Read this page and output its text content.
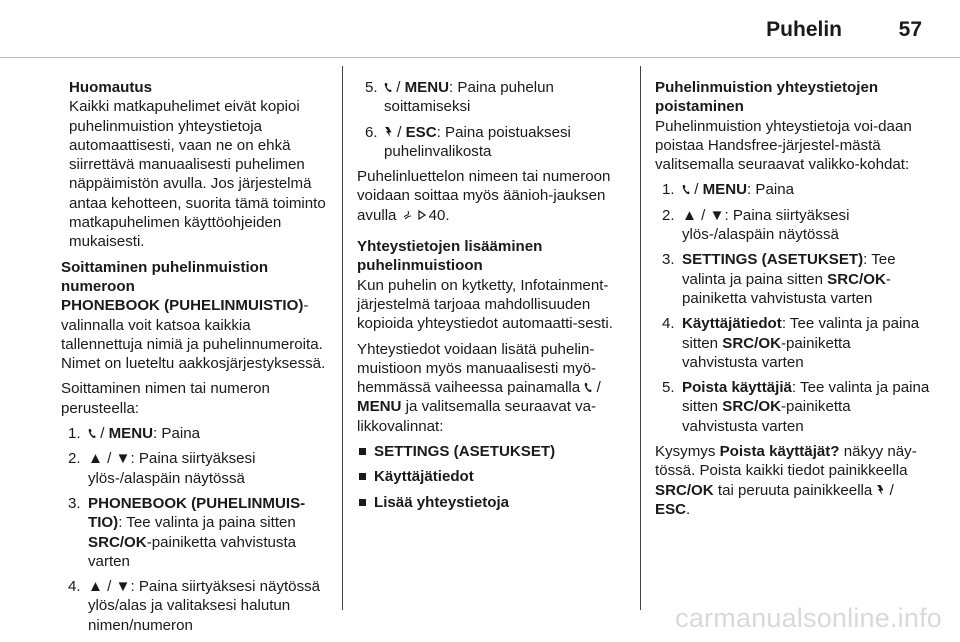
Puhelin	57
Huomautus
Kaikki matkapuhelimet eivät kopioi puhelinmuistion yhteystietoja automaattisesti, vaan ne on ehkä siirrettävä manuaalisesti puhelimen näppäimistön avulla. Jos järjestelmä antaa kehotteen, suorita tämä toiminto matkapuhelimen käyttöohjeiden mukaisesti.
Soittaminen puhelinmuistion numeroon

PHONEBOOK (PUHELINMUISTIO)-valinnalla voit katsoa kaikkia tallennettuja nimiä ja puhelinnumeroita. Nimet on lueteltu aakkosjärjestyksessä.

Soittaminen nimen tai numeron perusteella:

1. / MENU: Paina
2. ▲ / ▼: Paina siirtyäksesi ylös-/alaspäin näytössä
3. PHONEBOOK (PUHELINMUIS-TIO): Tee valinta ja paina sitten SRC/OK-painiketta vahvistusta varten
4. ▲ / ▼: Paina siirtyäksesi näytössä ylös/alas ja valitaksesi halutun nimen/numeron
5. / MENU: Paina puhelun soittamiseksi
6. / ESC: Paina poistuaksesi puhelinvalikosta

Puhelinluettelon nimeen tai numeroon voidaan soittaa myös äänioh-jauksen avulla 40.

Yhteystietojen lisääminen puhelinmuistioon

Kun puhelin on kytketty, Infotainment-järjestelmä tarjoaa mahdollisuuden kopioida yhteystiedot automaatti-sesti.

Yhteystiedot voidaan lisätä puhelin-muistioon myös manuaalisesti myö-hemmässä vaiheessa painamalla  / MENU ja valitsemalla seuraavat va-likkovalinnat:

SETTINGS (ASETUKSET)
Käyttäjätiedot
Lisää yhteystietoja
Puhelinmuistion yhteystietojen poistaminen

Puhelinmuistion yhteystietoja voi-daan poistaa Handsfree-järjestel-mästä valitsemalla seuraavat valikko-kohdat:

1. / MENU: Paina
2. ▲ / ▼: Paina siirtyäksesi ylös-/alaspäin näytössä
3. SETTINGS (ASETUKSET): Tee valinta ja paina sitten SRC/OK-painiketta vahvistusta varten
4. Käyttäjätiedot: Tee valinta ja paina sitten SRC/OK-painiketta vahvistusta varten
5. Poista käyttäjiä: Tee valinta ja paina sitten SRC/OK-painiketta vahvistusta varten

Kysymys Poista käyttäjät? näkyy näy-tössä. Poista kaikki tiedot painikkeella SRC/OK tai peruuta painikkeella  /
ESC.

carmanualsonline.info
